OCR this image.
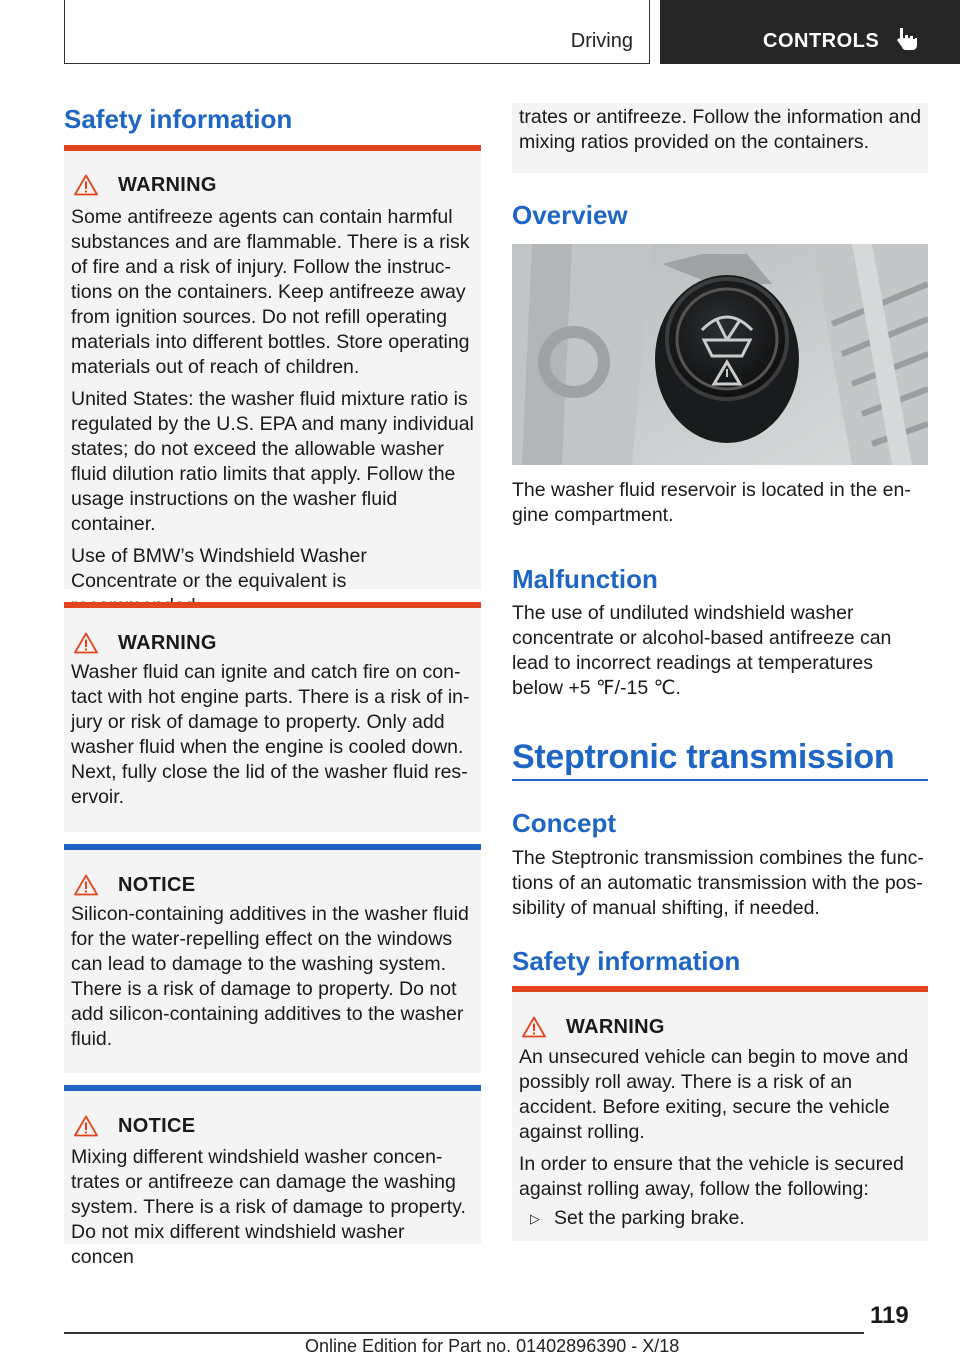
Driving	CONTROLS
Safety information
WARNING
Some antifreeze agents can contain harmful substances and are flammable. There is a risk of fire and a risk of injury. Follow the instructions on the containers. Keep antifreeze away from ignition sources. Do not refill operating materials into different bottles. Store operating materials out of reach of children.
United States: the washer fluid mixture ratio is regulated by the U.S. EPA and many individual states; do not exceed the allowable washer fluid dilution ratio limits that apply. Follow the usage instructions on the washer fluid container.
Use of BMW’s Windshield Washer Concentrate or the equivalent is
WARNING
Washer fluid can ignite and catch fire on contact with hot engine parts. There is a risk of injury or risk of damage to property. Only add washer fluid when the engine is cooled down. Next, fully close the lid of the washer fluid reservoir.
NOTICE
Silicon-containing additives in the washer fluid for the water-repelling effect on the windows can lead to damage to the washing system. There is a risk of damage to property. Do not add silicon-containing additives to the washer fluid.
NOTICE
Mixing different windshield washer concentrates or antifreeze can damage the washing system. There is a risk of damage to property. Do not mix different windshield washer concen
trates or antifreeze. Follow the information and mixing ratios provided on the containers.
Overview
The washer fluid reservoir is located in the engine compartment.
Malfunction
The use of undiluted windshield washer concentrate or alcohol-based antifreeze can lead to incorrect readings at temperatures below +5 ℉/-15 ℃.
Steptronic transmission
Concept
The Steptronic transmission combines the functions of an automatic transmission with the possibility of manual shifting, if needed.
Safety information
WARNING
An unsecured vehicle can begin to move and possibly roll away. There is a risk of an accident. Before exiting, secure the vehicle against rolling.
In order to ensure that the vehicle is secured against rolling away, follow the following:
▷ Set the parking brake.
119
Online Edition for Part no. 01402896390 - X/18
